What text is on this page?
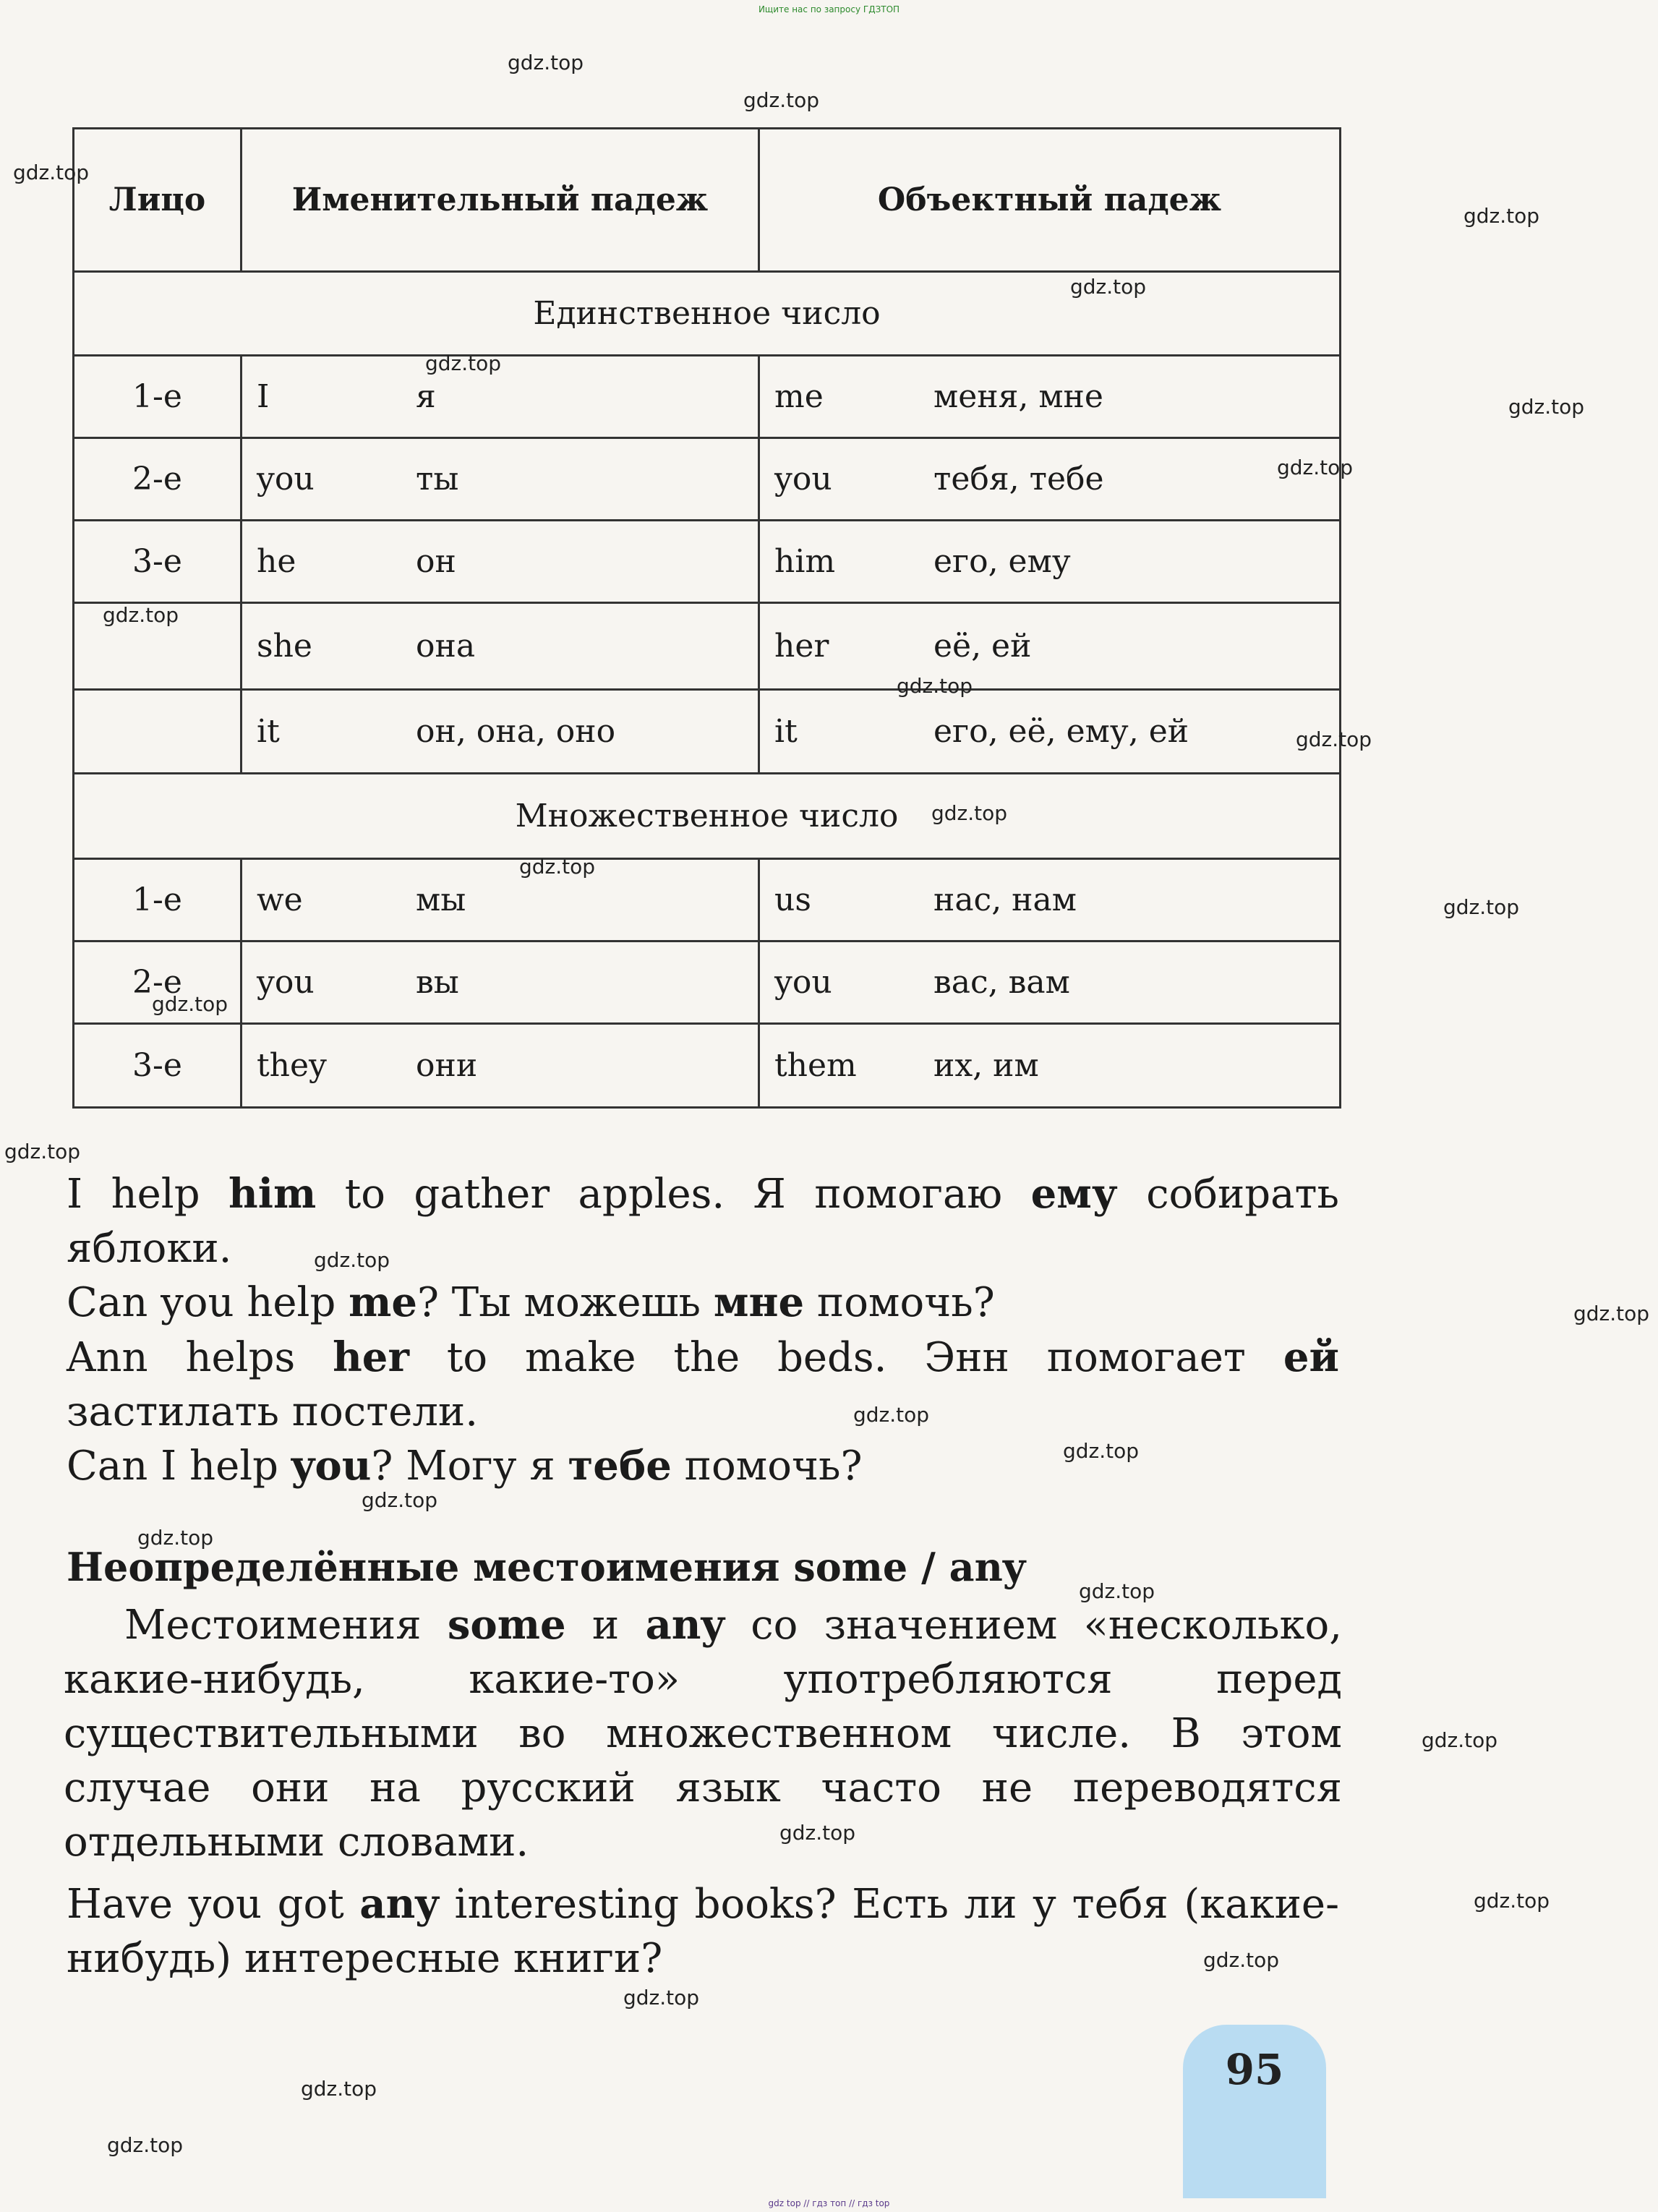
Ищите нас по запросу ГДЗТОП
Лицо	Именительный падеж	Объектный падеж
Единственное число		
1-е	I я	me меня, мне

2-е	you ты	you тебя, тебе

3-е	he он	him его, ему

	she она	her её, ей

	it он, она, оно	it его, её, ему, ей

Множественное число		
1-е	we мы	us нас, нам

2-е	you вы	you вас, вам

3-е	they они	them их, им

I help him to gather apples. Я помогаю ему собирать яблоки.

Can you help me? Ты можешь мне помочь?

Ann helps her to make the beds. Энн помогает ей застилать постели.

Can I help you? Могу я тебе помочь?

Неопределённые местоимения some / any

Местоимения some и any со значением «несколько, какие-нибудь, какие-то» употребляются перед существительными во множественном числе. В этом случае они на русский язык часто не переводятся отдельными словами.

Have you got any interesting books? Есть ли у тебя (какие-нибудь) интересные книги?

95
gdz.top
gdz.top
gdz.top
gdz.top
gdz.top
gdz.top
gdz.top
gdz.top
gdz.top
gdz.top
gdz.top
gdz.top
gdz.top
gdz.top
gdz.top
gdz.top
gdz.top
gdz.top
gdz.top
gdz.top
gdz.top
gdz.top
gdz.top
gdz.top
gdz.top
gdz.top
gdz.top
gdz.top
gdz.top
gdz.top
gdz top // гдз топ // гдз top
